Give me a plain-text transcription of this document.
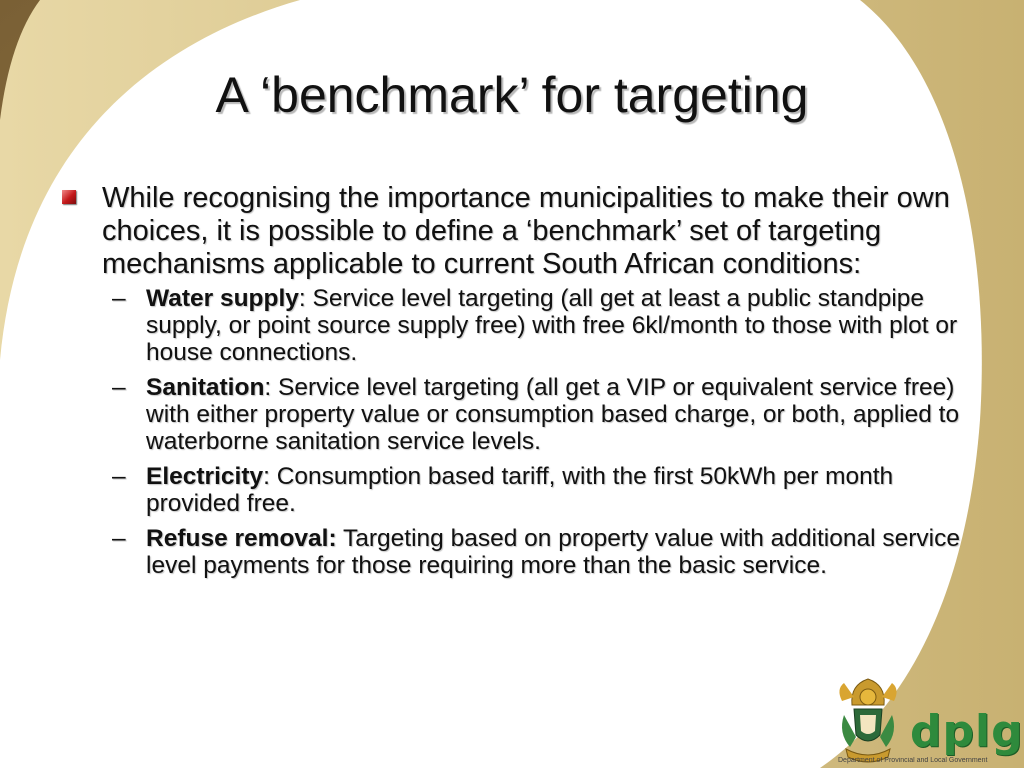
A ‘benchmark’ for targeting
While recognising the importance municipalities to make their own choices, it is possible to define a ‘benchmark’ set of targeting mechanisms applicable to current South African conditions:
– Water supply: Service level targeting (all get at least a public standpipe supply, or point source supply free) with free 6kl/month to those with plot or house connections.
– Sanitation: Service level targeting (all get a VIP or equivalent service free) with either property value or consumption based charge, or both, applied to waterborne sanitation service levels.
– Electricity: Consumption based tariff, with the first 50kWh per month provided free.
– Refuse removal: Targeting based on property value with additional service level payments for those requiring more than the basic service.
dplg
Department of Provincial and Local Government
